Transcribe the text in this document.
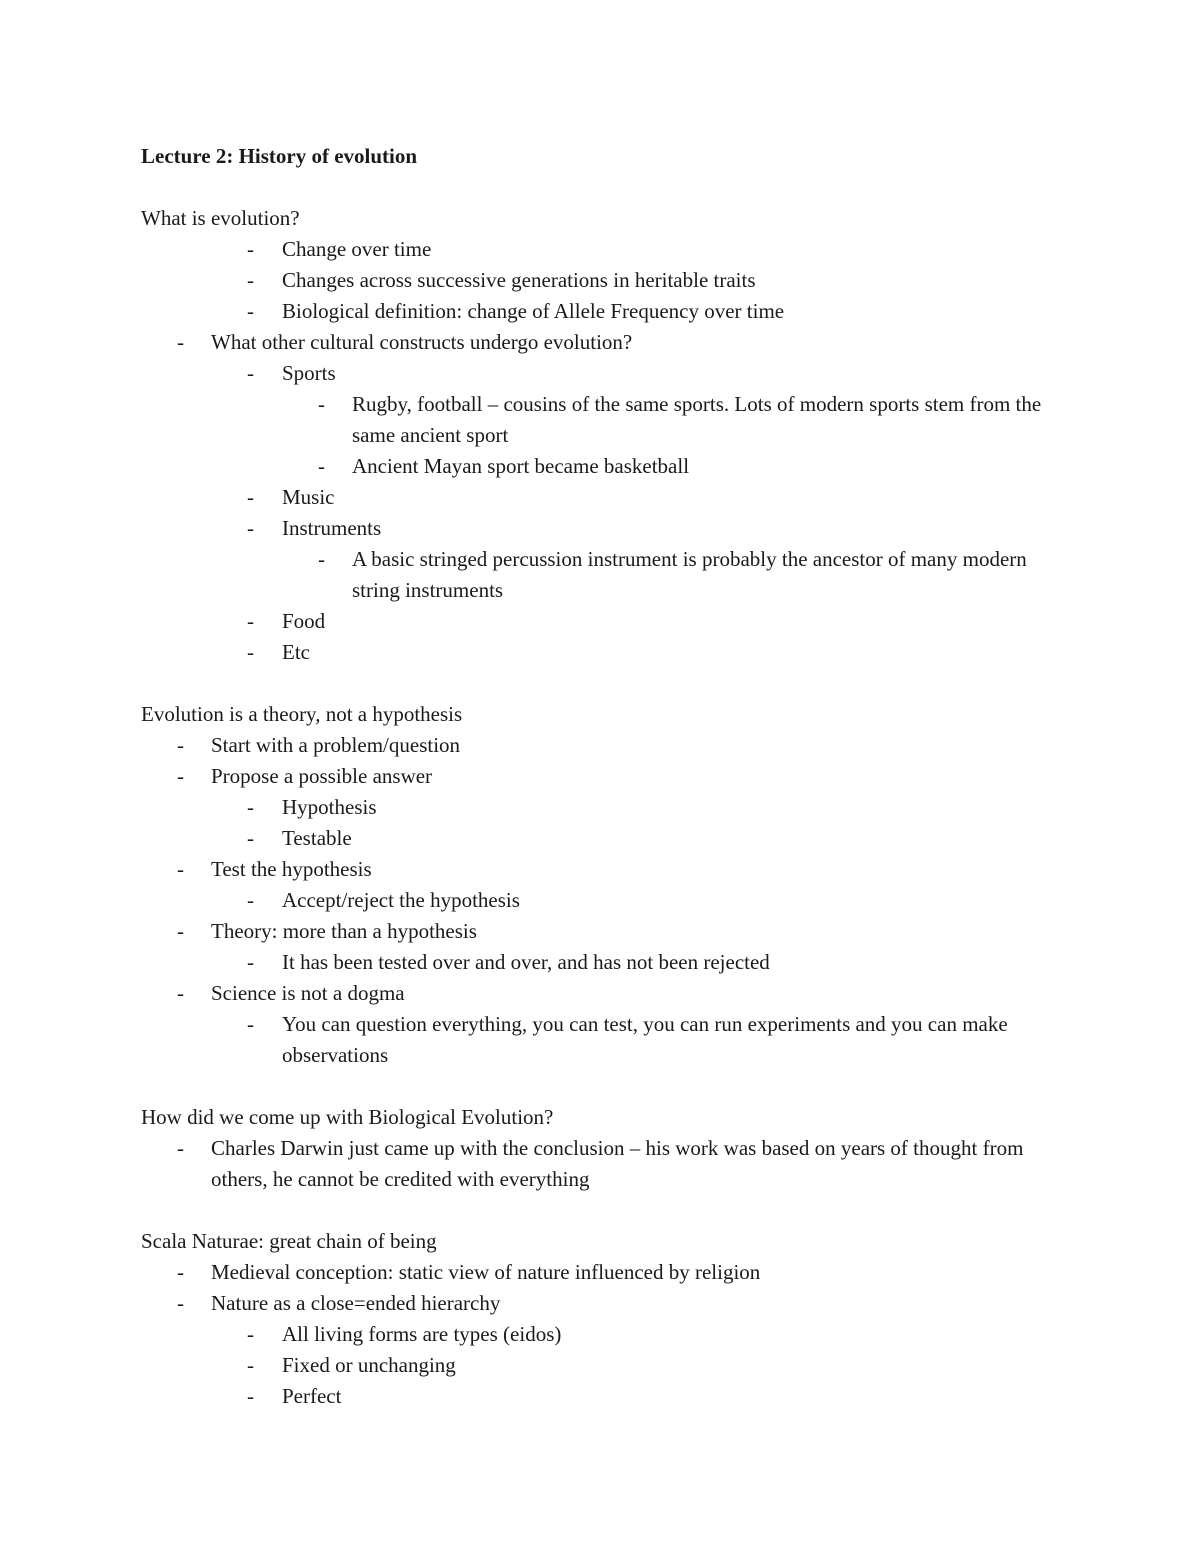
Lecture 2: History of evolution

What is evolution?

- Change over time

- Changes across successive generations in heritable traits

- Biological definition: change of Allele Frequency over time

- What other cultural constructs undergo evolution?

- Sports

- Rugby, football – cousins of the same sports. Lots of modern sports stem from the same ancient sport

- Ancient Mayan sport became basketball

- Music

- Instruments

- A basic stringed percussion instrument is probably the ancestor of many modern string instruments

- Food

- Etc

Evolution is a theory, not a hypothesis

- Start with a problem/question

- Propose a possible answer

- Hypothesis

- Testable

- Test the hypothesis

- Accept/reject the hypothesis

- Theory: more than a hypothesis

- It has been tested over and over, and has not been rejected

- Science is not a dogma

- You can question everything, you can test, you can run experiments and you can make observations

How did we come up with Biological Evolution?

- Charles Darwin just came up with the conclusion – his work was based on years of thought from others, he cannot be credited with everything

Scala Naturae: great chain of being

- Medieval conception: static view of nature influenced by religion

- Nature as a close=ended hierarchy

- All living forms are types (eidos)

- Fixed or unchanging

- Perfect
